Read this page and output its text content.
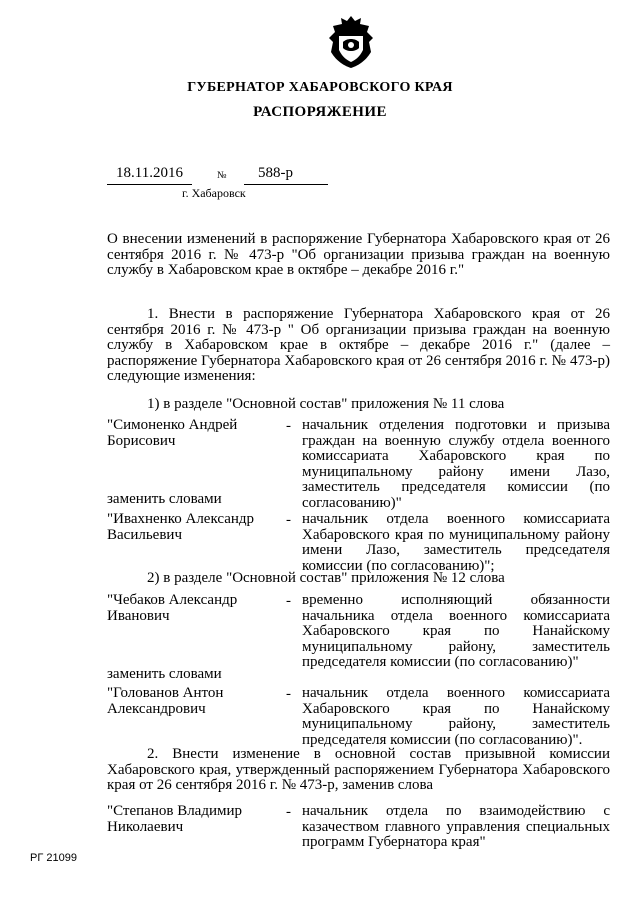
ГУБЕРНАТОР ХАБАРОВСКОГО КРАЯ
РАСПОРЯЖЕНИЕ
18.11.2016	№ 588-р
г. Хабаровск
О внесении изменений в распоряжение Губернатора Хабаровского края от 26 сентября 2016 г. № 473-р "Об организации призыва граждан на военную службу в Хабаровском крае в октябре – декабре 2016 г."
1. Внести в распоряжение Губернатора Хабаровского края от 26 сентября 2016 г. № 473-р " Об организации призыва граждан на военную службу в Хабаровском крае в октябре – декабре 2016 г." (далее – распоряжение Губернатора Хабаровского края от 26 сентября 2016 г. № 473-р) следующие изменения:
1) в разделе "Основной состав" приложения № 11 слова
"Симоненко Андрей Борисович
- начальник отделения подготовки и призыва граждан на военную службу отдела военного комиссариата Хабаровского края по муниципальному району имени Лазо, заместитель председателя комиссии (по согласованию)"
заменить словами
"Ивахненко Александр Васильевич
- начальник отдела военного комиссариата Хабаровского края по муниципальному району имени Лазо, заместитель председателя комиссии (по согласованию)";
2) в разделе "Основной состав" приложения № 12 слова
"Чебаков Александр Иванович
- временно исполняющий обязанности начальника отдела военного комиссариата Хабаровского края по Нанайскому муниципальному району, заместитель председателя комиссии (по согласованию)"
заменить словами
"Голованов Антон Александрович
- начальник отдела военного комиссариата Хабаровского края по Нанайскому муниципальному району, заместитель председателя комиссии (по согласованию)".
2. Внести изменение в основной состав призывной комиссии Хабаровского края, утвержденный распоряжением Губернатора Хабаровского края от 26 сентября 2016 г. № 473-р, заменив слова
"Степанов Владимир Николаевич
- начальник отдела по взаимодействию с казачеством главного управления специальных программ Губернатора края"
РГ 21099
